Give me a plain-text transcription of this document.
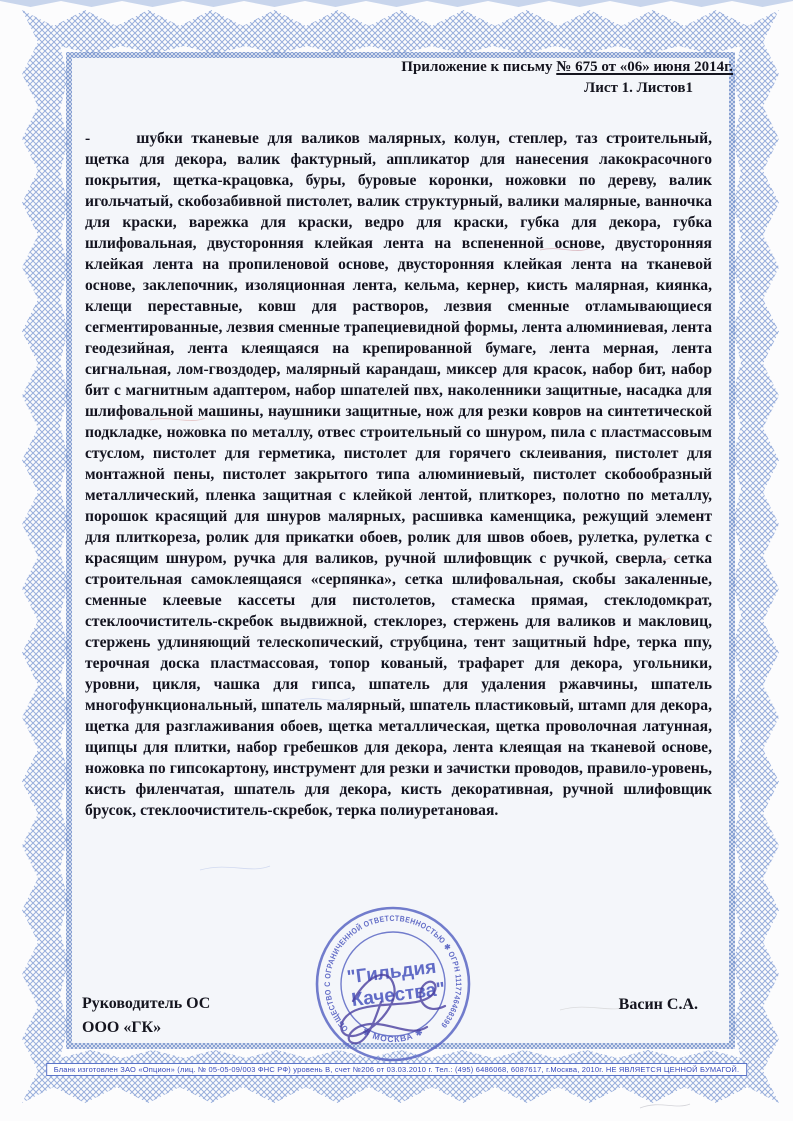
Приложение к письму № 675 от «06» июня 2014г.
Лист 1. Листов1

-	шубки тканевые для валиков малярных, колун, степлер, таз строительный, щетка для декора, валик фактурный, аппликатор для нанесения лакокрасочного покрытия, щетка-крацовка, буры, буровые коронки, ножовки по дереву, валик игольчатый, скобозабивной пистолет, валик структурный, валики малярные, ванночка для краски, варежка для краски, ведро для краски, губка для декора, губка шлифовальная, двусторонняя клейкая лента на вспененной основе, двусторонняя клейкая лента на пропиленовой основе, двусторонняя клейкая лента на тканевой основе, заклепочник, изоляционная лента, кельма, кернер, кисть малярная, киянка, клещи переставные, ковш для растворов, лезвия сменные отламывающиеся сегментированные, лезвия сменные трапециевидной формы, лента алюминиевая, лента геодезийная, лента клеящаяся на крепированной бумаге, лента мерная, лента сигнальная, лом-гвоздодер, малярный карандаш, миксер для красок, набор бит, набор бит с магнитным адаптером, набор шпателей пвх, наколенники защитные, насадка для шлифовальной машины, наушники защитные, нож для резки ковров на синтетической подкладке, ножовка по металлу, отвес строительный со шнуром, пила с пластмассовым стуслом, пистолет для герметика, пистолет для горячего склеивания, пистолет для монтажной пены, пистолет закрытого типа алюминиевый, пистолет скобообразный металлический, пленка защитная с клейкой лентой, плиткорез, полотно по металлу, порошок красящий для шнуров малярных, расшивка каменщика, режущий элемент для плиткореза, ролик для прикатки обоев, ролик для швов обоев, рулетка, рулетка с красящим шнуром, ручка для валиков, ручной шлифовщик с ручкой, сверла, сетка строительная самоклеящаяся «серпянка», сетка шлифовальная, скобы закаленные, сменные клеевые кассеты для пистолетов, стамеска прямая, стеклодомкрат, стеклоочиститель-скребок выдвижной, стеклорез, стержень для валиков и макловиц, стержень удлиняющий телескопический, струбцина, тент защитный hdpe, терка ппу, терочная доска пластмассовая, топор кованый, трафарет для декора, угольники, уровни, цикля, чашка для гипса, шпатель для удаления ржавчины, шпатель многофункциональный, шпатель малярный, шпатель пластиковый, штамп для декора, щетка для разглаживания обоев, щетка металлическая, щетка проволочная латунная, щипцы для плитки, набор гребешков для декора, лента клеящая на тканевой основе, ножовка по гипсокартону, инструмент для резки и зачистки проводов, правило-уровень, кисть филенчатая, шпатель для декора, кисть декоративная, ручной шлифовщик брусок, стеклоочиститель-скребок, терка полиуретановая.

Руководитель ОС
ООО «ГК»
Васин С.А.
ОБЩЕСТВО С ОГРАНИЧЕННОЙ ОТВЕТСТВЕННОСТЬЮ ✱ ОГРН 1117746468399
✱ МОСКВА ✱
"Гильдия
Качества"
Бланк изготовлен ЗАО «Опцион» (лиц. № 05-05-09/003 ФНС РФ) уровень В, счет №206 от 03.03.2010 г. Тел.: (495) 6486068, 6087617, г.Москва, 2010г. НЕ ЯВЛЯЕТСЯ ЦЕННОЙ БУМАГОЙ.
